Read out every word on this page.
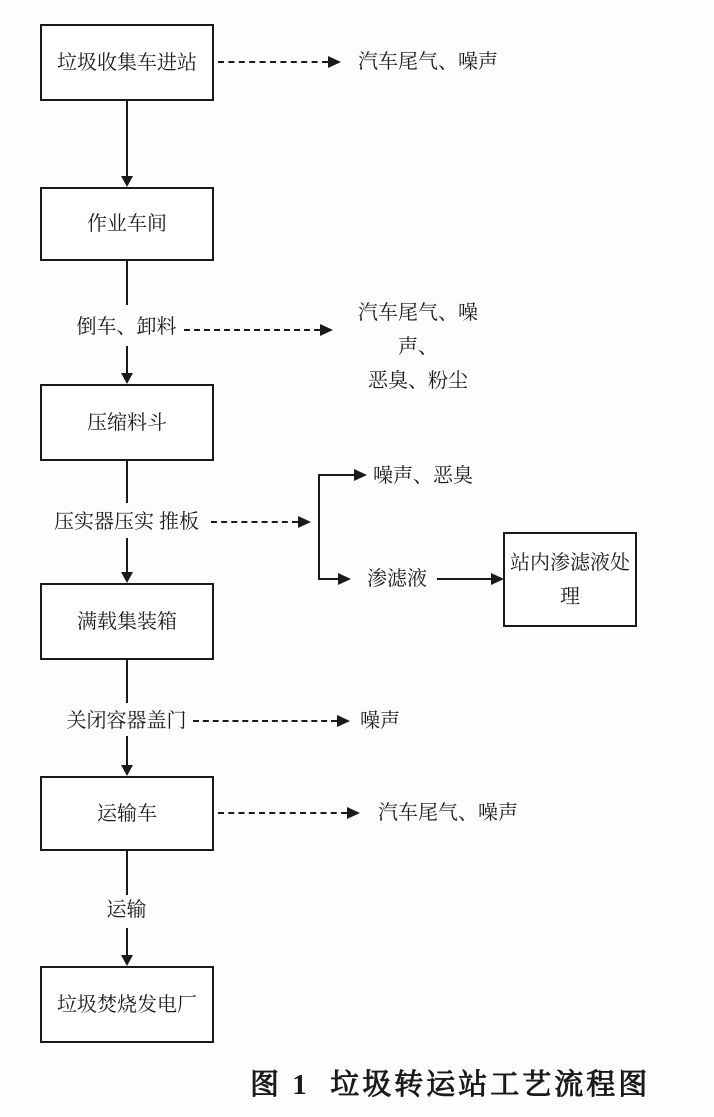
垃圾收集车进站
作业车间
压缩料斗
满载集装箱
运输车
垃圾焚烧发电厂
站内渗滤液处理
倒车、卸料
压实器压实 推板
关闭容器盖门
运输
汽车尾气、噪声
汽车尾气、噪声、
恶臭、粉尘
噪声、恶臭
渗滤液
噪声
汽车尾气、噪声
图 1  垃圾转运站工艺流程图
